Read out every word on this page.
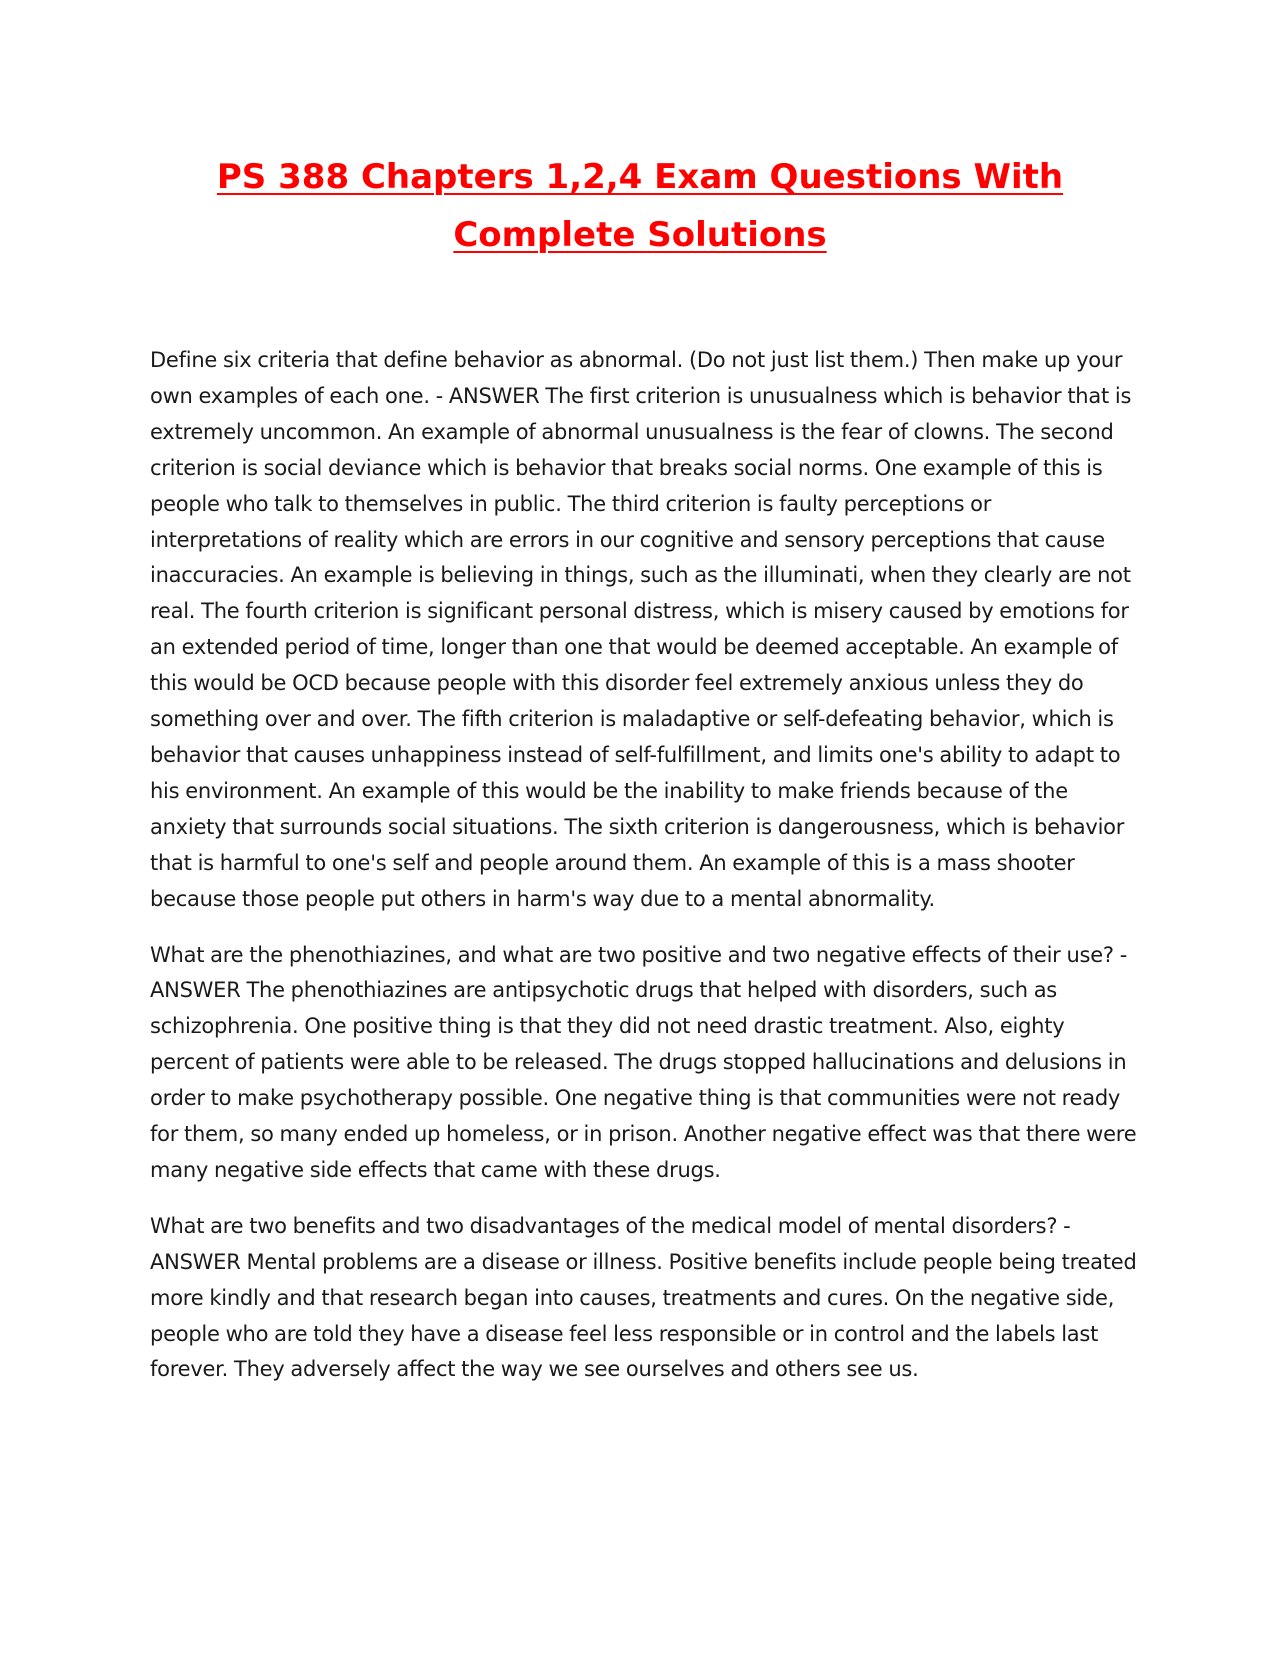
PS 388 Chapters 1,2,4 Exam Questions With Complete Solutions

Define six criteria that define behavior as abnormal. (Do not just list them.) Then make up your own examples of each one. - ANSWER The first criterion is unusualness which is behavior that is extremely uncommon. An example of abnormal unusualness is the fear of clowns. The second criterion is social deviance which is behavior that breaks social norms. One example of this is people who talk to themselves in public. The third criterion is faulty perceptions or interpretations of reality which are errors in our cognitive and sensory perceptions that cause inaccuracies. An example is believing in things, such as the illuminati, when they clearly are not real. The fourth criterion is significant personal distress, which is misery caused by emotions for an extended period of time, longer than one that would be deemed acceptable. An example of this would be OCD because people with this disorder feel extremely anxious unless they do something over and over. The fifth criterion is maladaptive or self-defeating behavior, which is behavior that causes unhappiness instead of self-fulfillment, and limits one's ability to adapt to his environment. An example of this would be the inability to make friends because of the anxiety that surrounds social situations. The sixth criterion is dangerousness, which is behavior that is harmful to one's self and people around them. An example of this is a mass shooter because those people put others in harm's way due to a mental abnormality.

What are the phenothiazines, and what are two positive and two negative effects of their use? - ANSWER The phenothiazines are antipsychotic drugs that helped with disorders, such as schizophrenia. One positive thing is that they did not need drastic treatment. Also, eighty percent of patients were able to be released. The drugs stopped hallucinations and delusions in order to make psychotherapy possible. One negative thing is that communities were not ready for them, so many ended up homeless, or in prison. Another negative effect was that there were many negative side effects that came with these drugs.

What are two benefits and two disadvantages of the medical model of mental disorders? - ANSWER Mental problems are a disease or illness. Positive benefits include people being treated more kindly and that research began into causes, treatments and cures. On the negative side, people who are told they have a disease feel less responsible or in control and the labels last forever. They adversely affect the way we see ourselves and others see us.
